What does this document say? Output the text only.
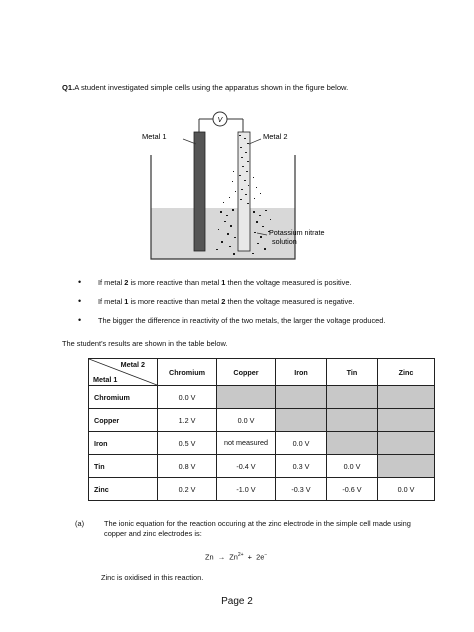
Q1.A student investigated simple cells using the apparatus shown in the figure below.
V
Metal 1	Metal 2
Potassium nitrate
solution
• If metal 2 is more reactive than metal 1 then the voltage measured is positive.
• If metal 1 is more reactive than metal 2 then the voltage measured is negative.
• The bigger the difference in reactivity of the two metals, the larger the voltage produced.
The student’s results are shown in the table below.
Metal 2
Metal 1	Chromium	Copper	Iron	Tin	Zinc
Chromium	0.0 V				
Copper	1.2 V	0.0 V			
Iron	0.5 V	not measured	0.0 V		
Tin	0.8 V	-0.4 V	0.3 V	0.0 V	
Zinc	0.2 V	-1.0 V	-0.3 V	-0.6 V	0.0 V
(a)	The ionic equation for the reaction occuring at the zinc electrode in the simple cell made using copper and zinc electrodes is:
$Zn \to Zn^{2+} + 2e^-$
Zinc is oxidised in this reaction.
Page 2
